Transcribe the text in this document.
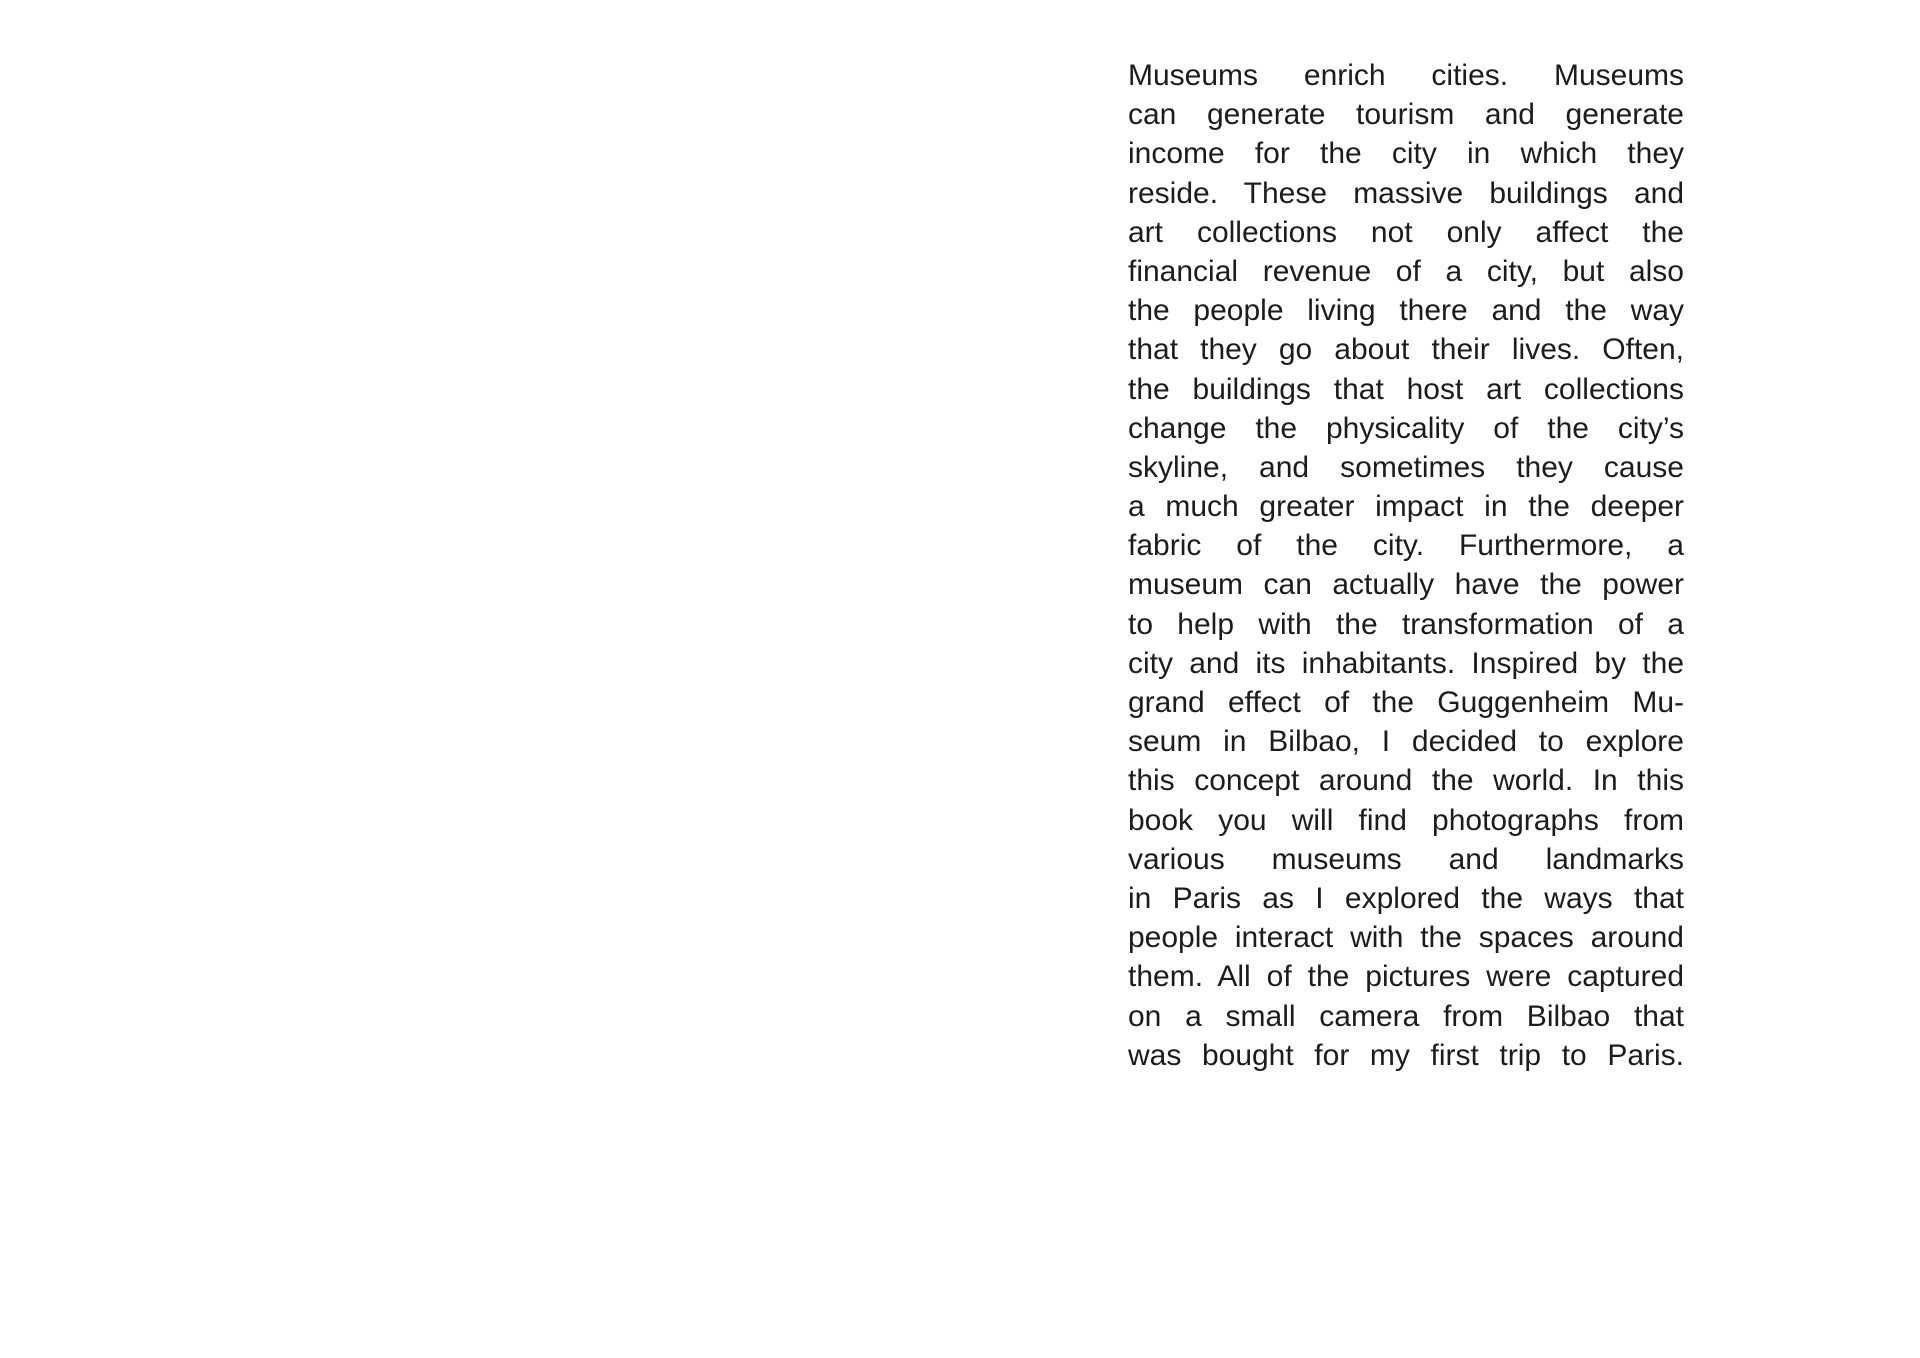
Museums enrich cities. Museums
can generate tourism and generate
income for the city in which they
reside. These massive buildings and
art collections not only affect the
financial revenue of a city, but also
the people living there and the way
that they go about their lives. Often,
the buildings that host art collections
change the physicality of the city’s
skyline, and sometimes they cause
a much greater impact in the deeper
fabric of the city. Furthermore, a
museum can actually have the power
to help with the transformation of a
city and its inhabitants. Inspired by the
grand effect of the Guggenheim Mu-
seum in Bilbao, I decided to explore
this concept around the world. In this
book you will find photographs from
various museums and landmarks
in Paris as I explored the ways that
people interact with the spaces around
them. All of the pictures were captured
on a small camera from Bilbao that
was bought for my first trip to Paris.
